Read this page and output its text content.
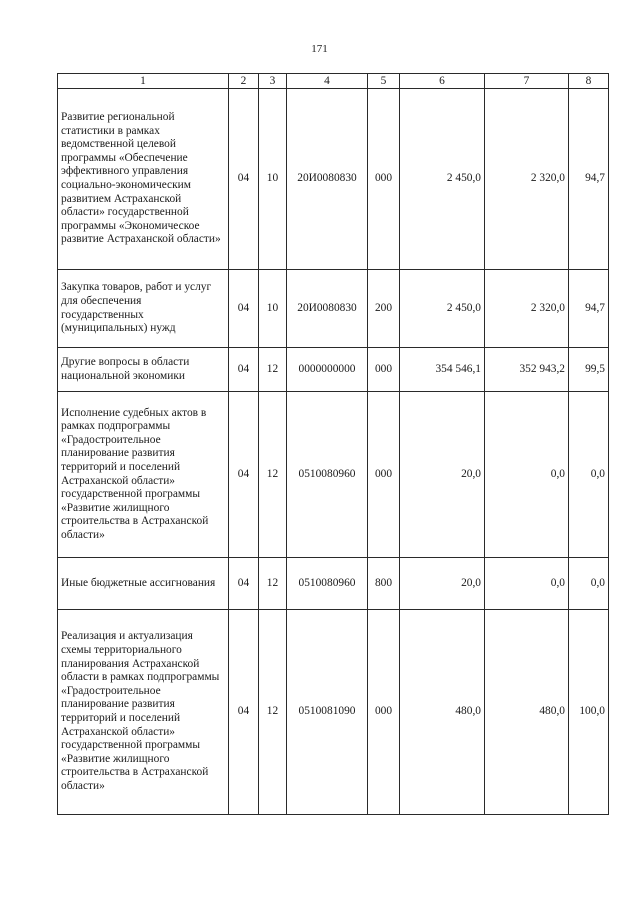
171
1	2	3	4	5	6	7	8
Развитие региональной статистики в рамках ведомственной целевой программы «Обеспечение эффективного управления социально-экономическим развитием Астраханской области» государственной программы «Экономическое развитие Астраханской области»	04	10	20И0080830	000	2 450,0	2 320,0	94,7
Закупка товаров, работ и услуг для обеспечения государственных (муниципальных) нужд	04	10	20И0080830	200	2 450,0	2 320,0	94,7
Другие вопросы в области национальной экономики	04	12	0000000000	000	354 546,1	352 943,2	99,5
Исполнение судебных актов в рамках подпрограммы «Градостроительное планирование развития территорий и поселений Астраханской области» государственной программы «Развитие жилищного строительства в Астраханской области»	04	12	0510080960	000	20,0	0,0	0,0
Иные бюджетные ассигнования	04	12	0510080960	800	20,0	0,0	0,0
Реализация и актуализация схемы территориального планирования Астраханской области в рамках подпрограммы «Градостроительное планирование развития территорий и поселений Астраханской области» государственной программы «Развитие жилищного строительства в Астраханской области»	04	12	0510081090	000	480,0	480,0	100,0
